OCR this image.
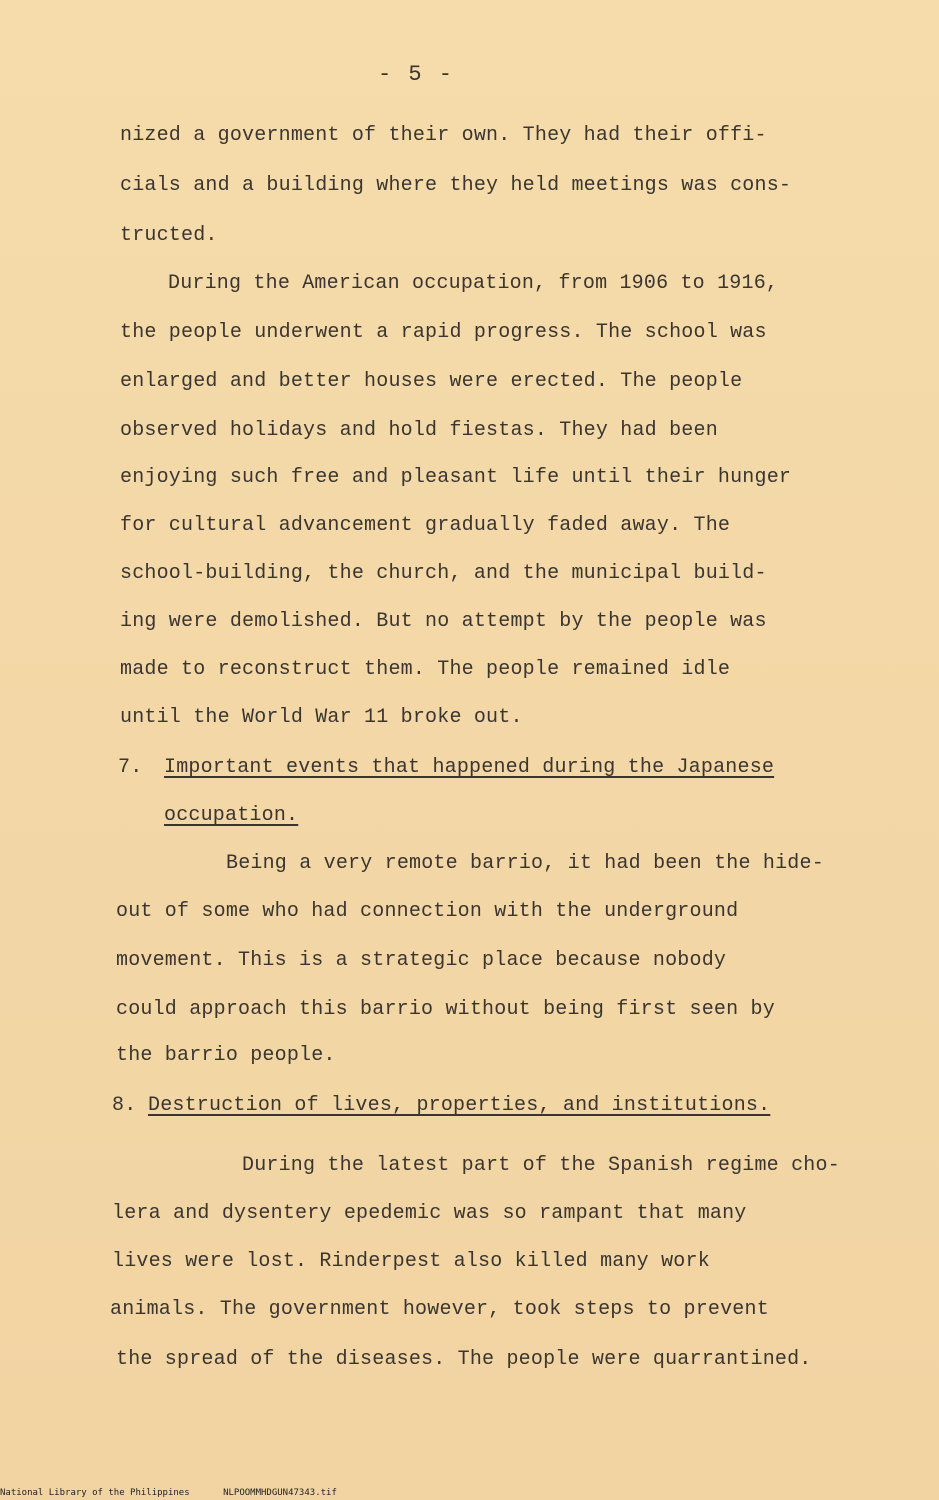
- 5 -
nized a government of their own. They had their offi-
cials and a building where they held meetings was cons-
tructed.
During the American occupation, from 1906 to 1916,
the people underwent a rapid progress. The school was
enlarged and better houses were erected. The people
observed holidays and hold fiestas. They had been
enjoying such free and pleasant life until their hunger
for cultural advancement gradually faded away. The
school-building, the church, and the municipal build-
ing were demolished. But no attempt by the people was
made to reconstruct them. The people remained idle
until the World War 11 broke out.
7. Important events that happened during the Japanese
occupation.
Being a very remote barrio, it had been the hide-
out of some who had connection with the underground
movement. This is a strategic place because nobody
could approach this barrio without being first seen by
the barrio people.
8. Destruction of lives, properties, and institutions.
During the latest part of the Spanish regime cho-
lera and dysentery epedemic was so rampant that many
lives were lost. Rinderpest also killed many work
animals. The government however, took steps to prevent
the spread of the diseases. The people were quarrantined.
National Library of the Philippines	NLPOOMMHDGUN47343.tif
